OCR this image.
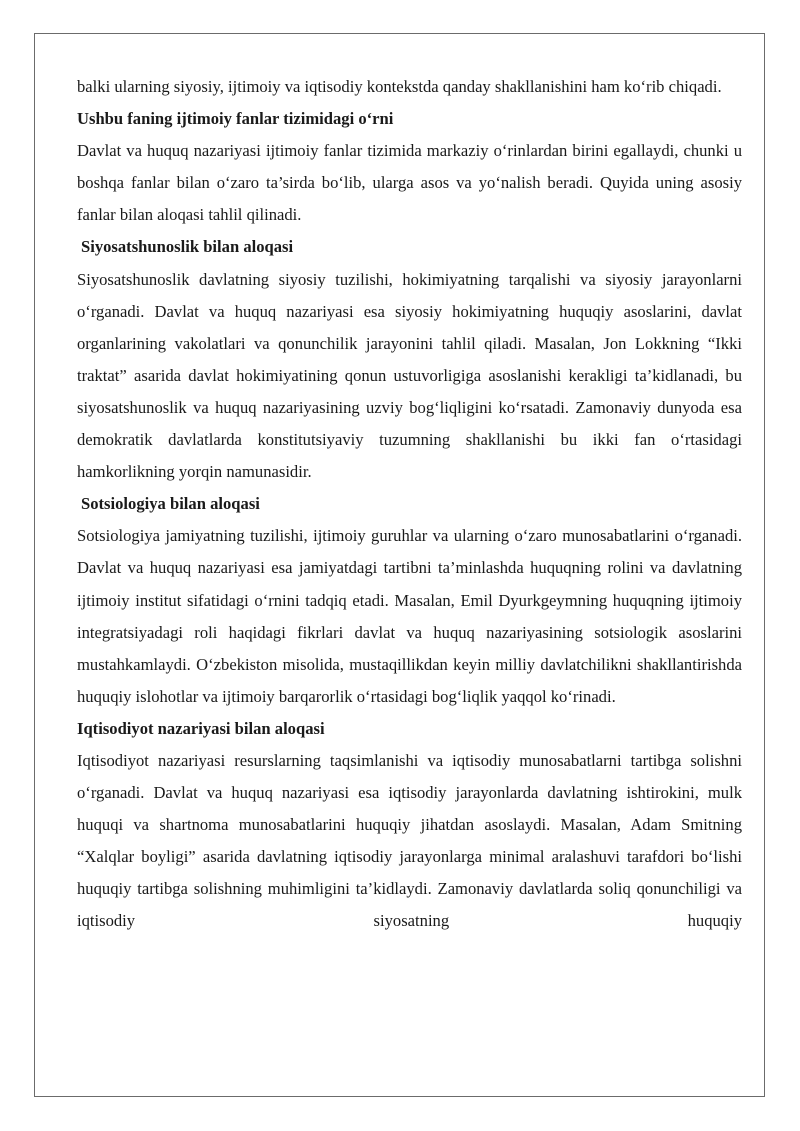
balki ularning siyosiy, ijtimoiy va iqtisodiy kontekstda qanday shakllanishini ham ko‘rib chiqadi.

Ushbu faning ijtimoiy fanlar tizimidagi o‘rni

Davlat va huquq nazariyasi ijtimoiy fanlar tizimida markaziy o‘rinlardan birini egallaydi, chunki u boshqa fanlar bilan o‘zaro ta’sirda bo‘lib, ularga asos va yo‘nalish beradi. Quyida uning asosiy fanlar bilan aloqasi tahlil qilinadi.

Siyosatshunoslik bilan aloqasi

Siyosatshunoslik davlatning siyosiy tuzilishi, hokimiyatning tarqalishi va siyosiy jarayonlarni o‘rganadi. Davlat va huquq nazariyasi esa siyosiy hokimiyatning huquqiy asoslarini, davlat organlarining vakolatlari va qonunchilik jarayonini tahlil qiladi. Masalan, Jon Lokkning “Ikki traktat” asarida davlat hokimiyatining qonun ustuvorligiga asoslanishi kerakligi ta’kidlanadi, bu siyosatshunoslik va huquq nazariyasining uzviy bog‘liqligini ko‘rsatadi. Zamonaviy dunyoda esa demokratik davlatlarda konstitutsiyaviy tuzumning shakllanishi bu ikki fan o‘rtasidagi hamkorlikning yorqin namunasidir.

Sotsiologiya bilan aloqasi

Sotsiologiya jamiyatning tuzilishi, ijtimoiy guruhlar va ularning o‘zaro munosabatlarini o‘rganadi. Davlat va huquq nazariyasi esa jamiyatdagi tartibni ta’minlashda huquqning rolini va davlatning ijtimoiy institut sifatidagi o‘rnini tadqiq etadi. Masalan, Emil Dyurkgeymning huquqning ijtimoiy integratsiyadagi roli haqidagi fikrlari davlat va huquq nazariyasining sotsiologik asoslarini mustahkamlaydi. O‘zbekiston misolida, mustaqillikdan keyin milliy davlatchilikni shakllantirishda huquqiy islohotlar va ijtimoiy barqarorlik o‘rtasidagi bog‘liqlik yaqqol ko‘rinadi.

Iqtisodiyot nazariyasi bilan aloqasi

Iqtisodiyot nazariyasi resurslarning taqsimlanishi va iqtisodiy munosabatlarni tartibga solishni o‘rganadi. Davlat va huquq nazariyasi esa iqtisodiy jarayonlarda davlatning ishtirokini, mulk huquqi va shartnoma munosabatlarini huquqiy jihatdan asoslaydi. Masalan, Adam Smitning “Xalqlar boyligi” asarida davlatning iqtisodiy jarayonlarga minimal aralashuvi tarafdori bo‘lishi huquqiy tartibga solishning muhimligini ta’kidlaydi. Zamonaviy davlatlarda soliq qonunchiligi va iqtisodiy siyosatning huquqiy
